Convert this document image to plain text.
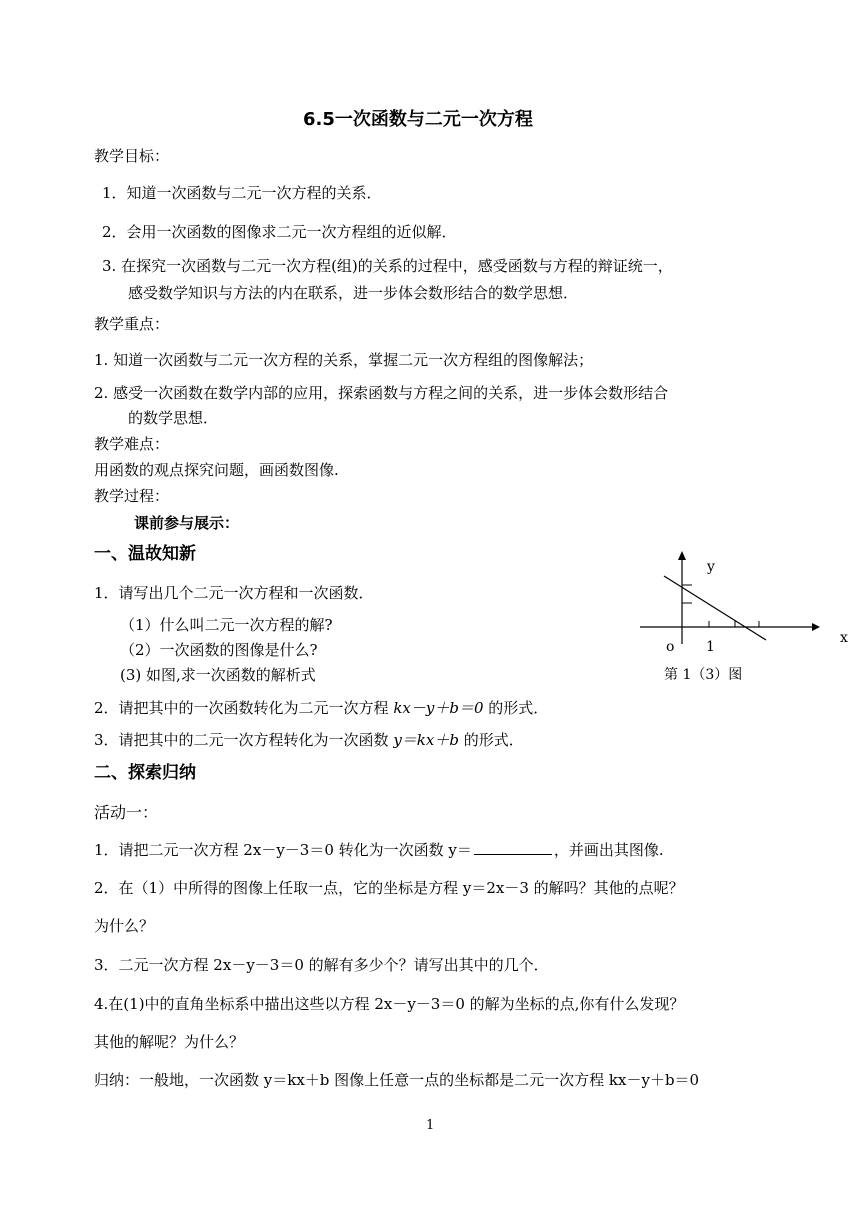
6.5一次函数与二元一次方程
教学目标：
1．知道一次函数与二元一次方程的关系．
2．会用一次函数的图像求二元一次方程组的近似解．
3. 在探究一次函数与二元一次方程(组)的关系的过程中，感受函数与方程的辩证统一，
感受数学知识与方法的内在联系，进一步体会数形结合的数学思想．
教学重点：
1. 知道一次函数与二元一次方程的关系，掌握二元一次方程组的图像解法；
2. 感受一次函数在数学内部的应用，探索函数与方程之间的关系，进一步体会数形结合
的数学思想．
教学难点：
用函数的观点探究问题，画函数图像.
教学过程：
课前参与展示：
一、温故知新
1．请写出几个二元一次方程和一次函数．
（1）什么叫二元一次方程的解?
（2）一次函数的图像是什么?
(3) 如图,求一次函数的解析式
2．请把其中的一次函数转化为二元一次方程 kx－y＋b＝0 的形式．
3．请把其中的二元一次方程转化为一次函数 y＝kx＋b 的形式．
y
x
o 1
第 1（3）图
二、探索归纳
活动一：
1．请把二元一次方程 2x－y－3＝0 转化为一次函数 y＝	，并画出其图像.
2．在（1）中所得的图像上任取一点，它的坐标是方程 y＝2x－3 的解吗？其他的点呢？
为什么？
3．二元一次方程 2x－y－3＝0 的解有多少个？请写出其中的几个．
4.在(1)中的直角坐标系中描出这些以方程 2x－y－3＝0 的解为坐标的点,你有什么发现？
其他的解呢？为什么？
归纳：一般地，一次函数 y＝kx＋b 图像上任意一点的坐标都是二元一次方程 kx－y＋b＝0
1
